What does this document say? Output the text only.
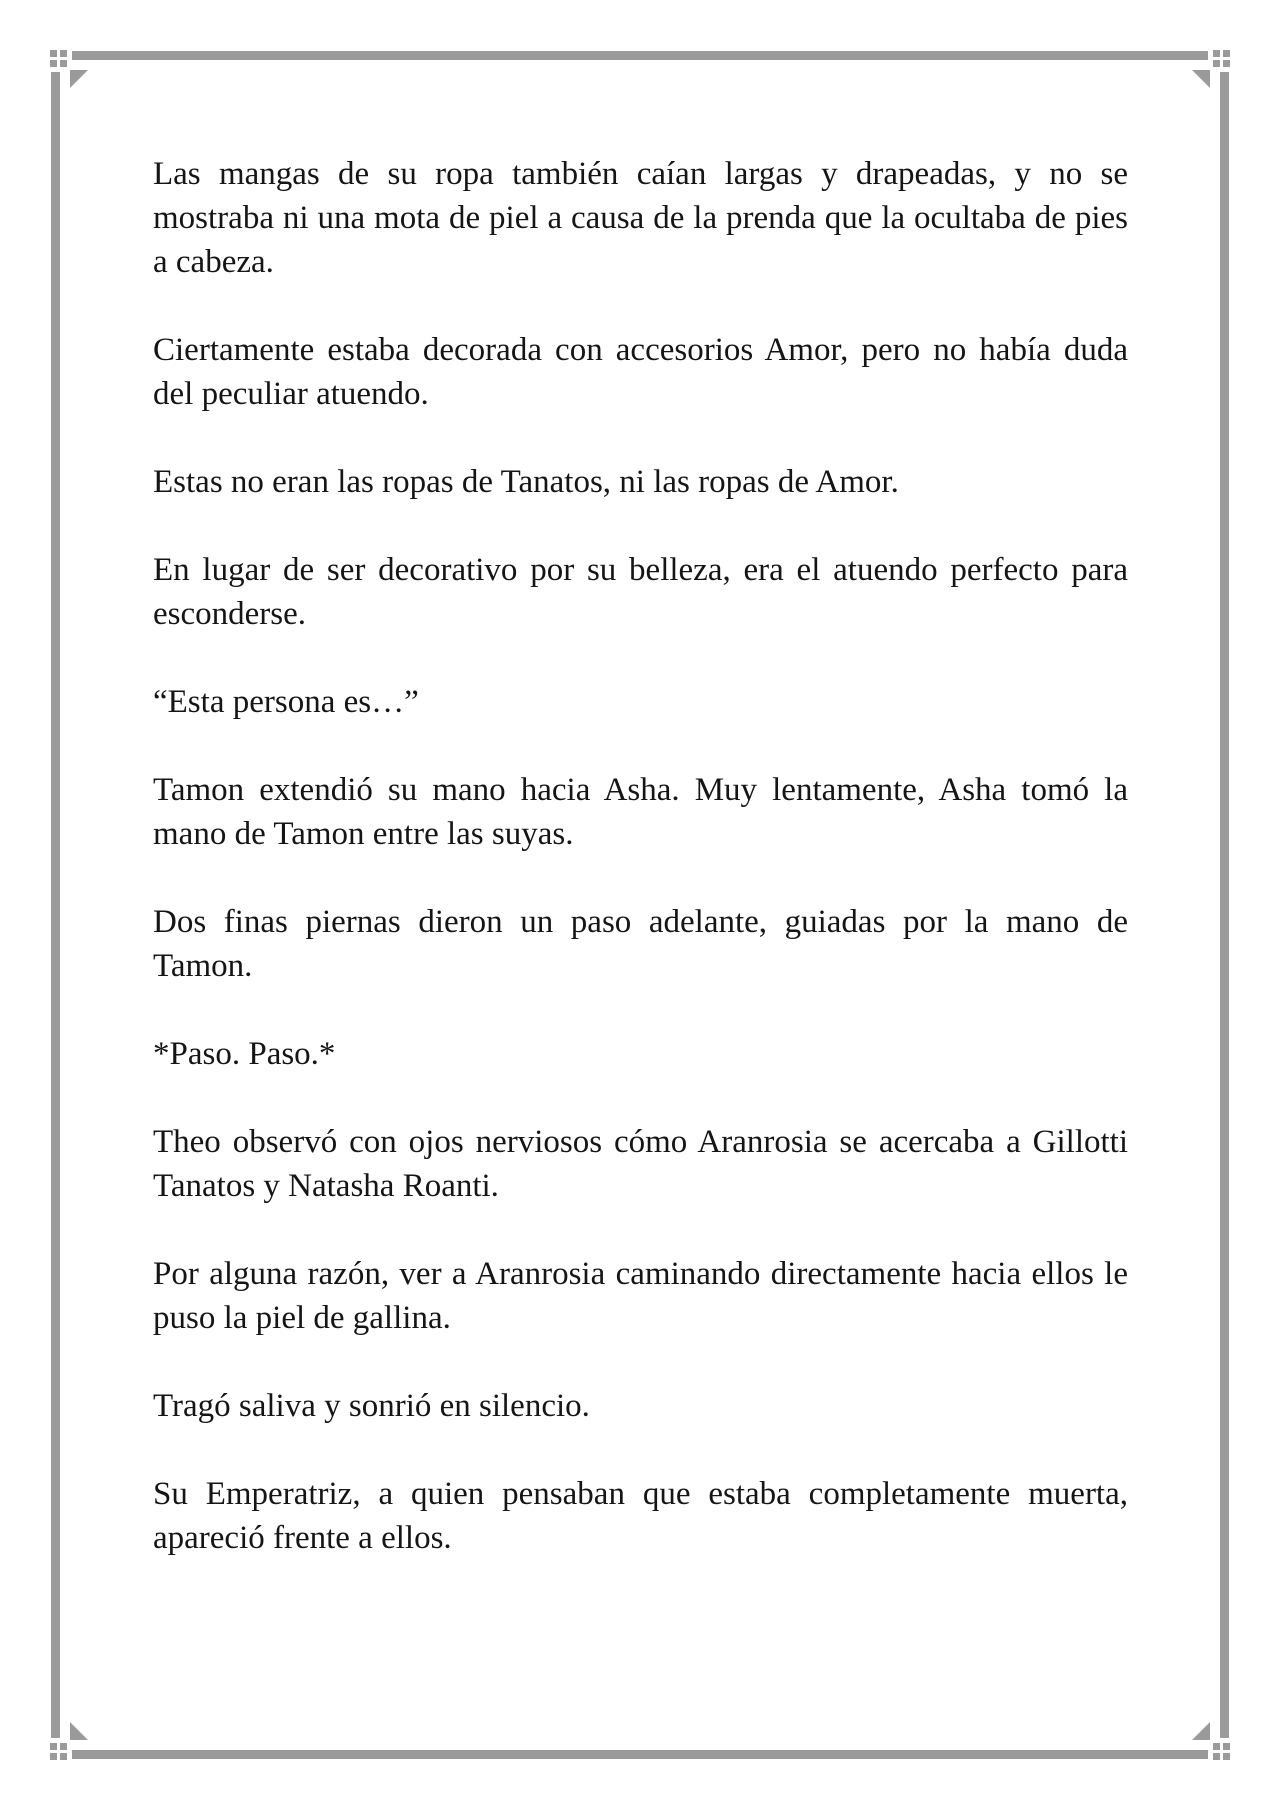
Las mangas de su ropa también caían largas y drapeadas, y no se mostraba ni una mota de piel a causa de la prenda que la ocultaba de pies a cabeza.

Ciertamente estaba decorada con accesorios Amor, pero no había duda del peculiar atuendo.

Estas no eran las ropas de Tanatos, ni las ropas de Amor.

En lugar de ser decorativo por su belleza, era el atuendo perfecto para esconderse.

“Esta persona es…”

Tamon extendió su mano hacia Asha. Muy lentamente, Asha tomó la mano de Tamon entre las suyas.

Dos finas piernas dieron un paso adelante, guiadas por la mano de Tamon.

*Paso. Paso.*

Theo observó con ojos nerviosos cómo Aranrosia se acercaba a Gillotti Tanatos y Natasha Roanti.

Por alguna razón, ver a Aranrosia caminando directamente hacia ellos le puso la piel de gallina.

Tragó saliva y sonrió en silencio.

Su Emperatriz, a quien pensaban que estaba completamente muerta, apareció frente a ellos.
